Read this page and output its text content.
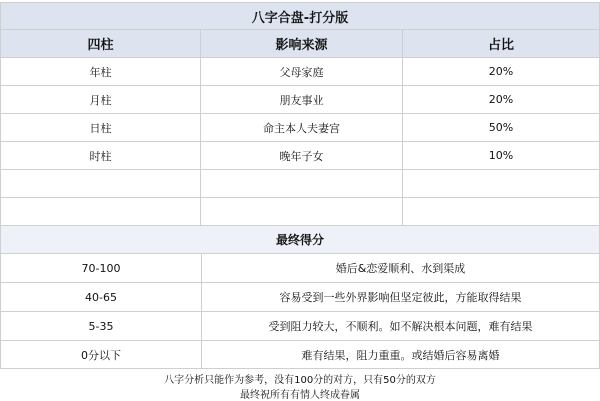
八字合盘-打分版
四柱	影响来源	占比
年柱	父母家庭	20%
月柱	朋友事业	20%
日柱	命主本人夫妻宫	50%
时柱	晚年子女	10%
最终得分
70-100	婚后&恋爱顺利、水到渠成
40-65	容易受到一些外界影响但坚定彼此，方能取得结果
5-35	受到阻力较大，不顺利。如不解决根本问题，难有结果
0分以下	难有结果，阻力重重。或结婚后容易离婚
八字分析只能作为参考，没有100分的对方，只有50分的双方
最终祝所有有情人终成眷属
